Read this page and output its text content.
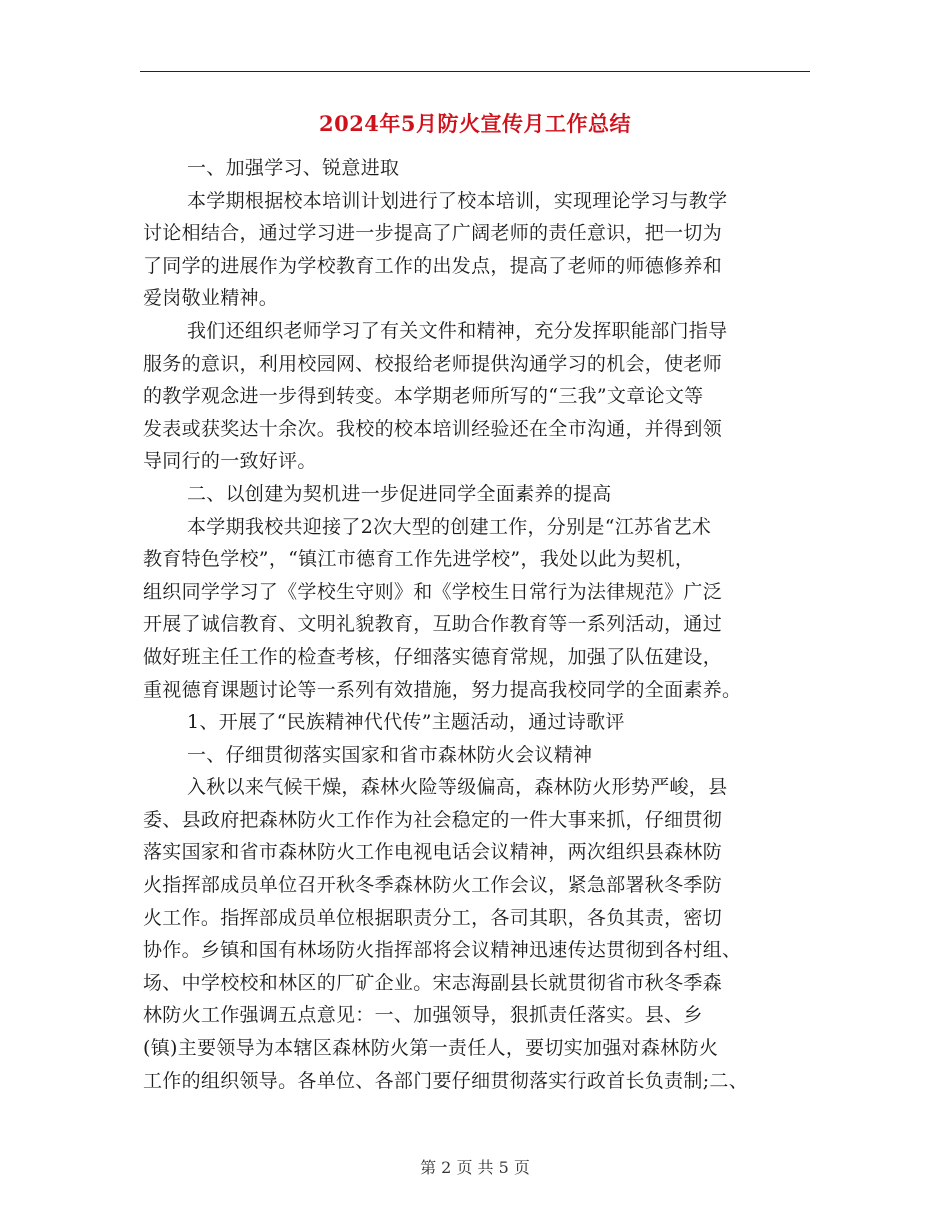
2024年5月防火宣传月工作总结
一、加强学习、锐意进取
本学期根据校本培训计划进行了校本培训，实现理论学习与教学
讨论相结合，通过学习进一步提高了广阔老师的责任意识，把一切为
了同学的进展作为学校教育工作的出发点，提高了老师的师德修养和
爱岗敬业精神。
我们还组织老师学习了有关文件和精神，充分发挥职能部门指导
服务的意识，利用校园网、校报给老师提供沟通学习的机会，使老师
的教学观念进一步得到转变。本学期老师所写的“三我”文章论文等
发表或获奖达十余次。我校的校本培训经验还在全市沟通，并得到领
导同行的一致好评。
二、以创建为契机进一步促进同学全面素养的提高
本学期我校共迎接了2次大型的创建工作，分别是“江苏省艺术
教育特色学校”，“镇江市德育工作先进学校”，我处以此为契机，
组织同学学习了《学校生守则》和《学校生日常行为法律规范》广泛
开展了诚信教育、文明礼貌教育，互助合作教育等一系列活动，通过
做好班主任工作的检查考核，仔细落实德育常规，加强了队伍建设，
重视德育课题讨论等一系列有效措施，努力提高我校同学的全面素养。
1、开展了“民族精神代代传”主题活动，通过诗歌评
一、仔细贯彻落实国家和省市森林防火会议精神
入秋以来气候干燥，森林火险等级偏高，森林防火形势严峻，县
委、县政府把森林防火工作作为社会稳定的一件大事来抓，仔细贯彻
落实国家和省市森林防火工作电视电话会议精神，两次组织县森林防
火指挥部成员单位召开秋冬季森林防火工作会议，紧急部署秋冬季防
火工作。指挥部成员单位根据职责分工，各司其职，各负其责，密切
协作。乡镇和国有林场防火指挥部将会议精神迅速传达贯彻到各村组、
场、中学校校和林区的厂矿企业。宋志海副县长就贯彻省市秋冬季森
林防火工作强调五点意见：一、加强领导，狠抓责任落实。县、乡
(镇)主要领导为本辖区森林防火第一责任人，要切实加强对森林防火
工作的组织领导。各单位、各部门要仔细贯彻落实行政首长负责制;二、
第 2 页 共 5 页
